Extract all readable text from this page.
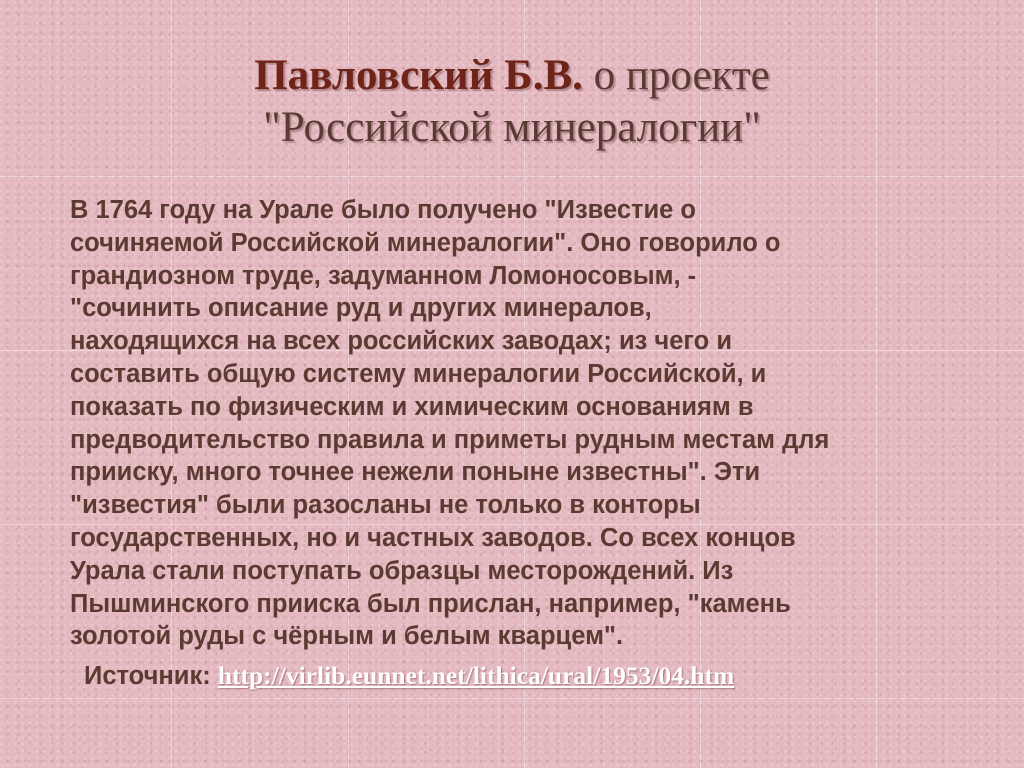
Павловский Б.В. о проекте
"Российской минералогии"

В 1764 году на Урале было получено "Известие о
сочиняемой Российской минералогии". Оно говорило о
грандиозном труде, задуманном Ломоносовым, -
"сочинить описание руд и других минералов,
находящихся на всех российских заводах; из чего и
составить общую систему минералогии Российской, и
показать по физическим и химическим основаниям в
предводительство правила и приметы рудным местам для
прииску, много точнее нежели поныне известны". Эти
"известия" были разосланы не только в конторы
государственных, но и частных заводов. Со всех концов
Урала стали поступать образцы месторождений. Из
Пышминского прииска был прислан, например, "камень
золотой руды с чёрным и белым кварцем".

Источник: http://virlib.eunnet.net/lithica/ural/1953/04.htm
